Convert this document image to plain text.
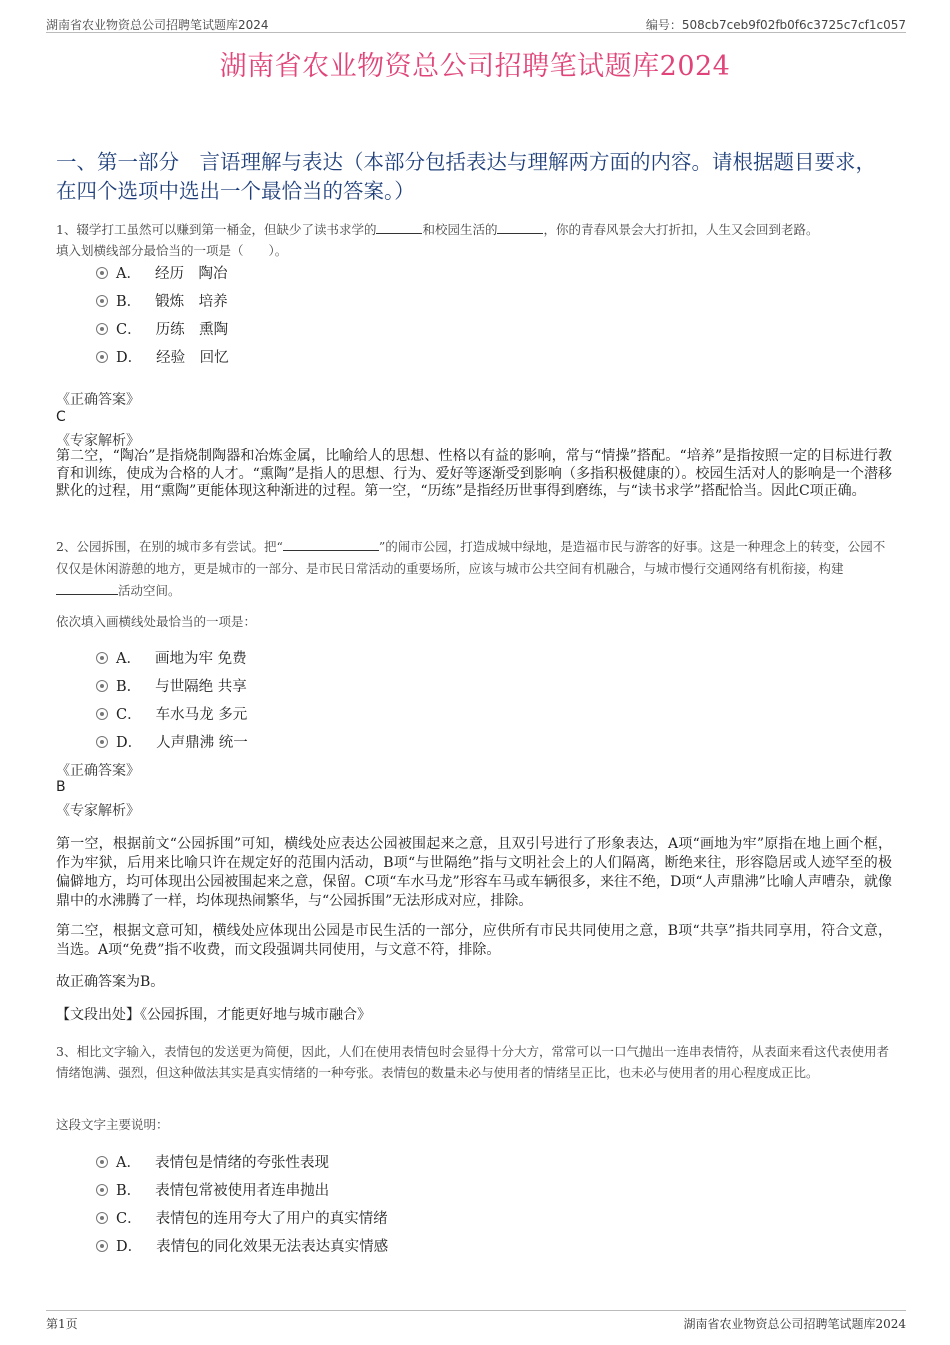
湖南省农业物资总公司招聘笔试题库2024	编号：508cb7ceb9f02fb0f6c3725c7cf1c057
湖南省农业物资总公司招聘笔试题库2024
一、第一部分　言语理解与表达（本部分包括表达与理解两方面的内容。请根据题目要求，在四个选项中选出一个最恰当的答案。）
1、辍学打工虽然可以赚到第一桶金，但缺少了读书求学的	和校园生活的	，你的青春风景会大打折扣，人生又会回到老路。
填入划横线部分最恰当的一项是（　　）。
A． 经历　陶冶
B． 锻炼　培养
C． 历练　熏陶
D． 经验　回忆
《正确答案》
C
《专家解析》
第二空，“陶冶”是指烧制陶器和冶炼金属，比喻给人的思想、性格以有益的影响，常与“情操”搭配。“培养”是指按照一定的目标进行教育和训练，使成为合格的人才。“熏陶”是指人的思想、行为、爱好等逐渐受到影响（多指积极健康的）。校园生活对人的影响是一个潜移默化的过程，用“熏陶”更能体现这种渐进的过程。第一空，“历练”是指经历世事得到磨练，与“读书求学”搭配恰当。因此C项正确。
2、公园拆围，在别的城市多有尝试。把“	”的闹市公园，打造成城中绿地，是造福市民与游客的好事。这是一种理念上的转变，公园不仅仅是休闲游憩的地方，更是城市的一部分、是市民日常活动的重要场所，应该与城市公共空间有机融合，与城市慢行交通网络有机衔接，构建活动空间。
依次填入画横线处最恰当的一项是：
A． 画地为牢 免费
B． 与世隔绝 共享
C． 车水马龙 多元
D． 人声鼎沸 统一
《正确答案》
B
《专家解析》
第一空，根据前文“公园拆围”可知，横线处应表达公园被围起来之意，且双引号进行了形象表达，A项“画地为牢”原指在地上画个框，作为牢狱，后用来比喻只许在规定好的范围内活动，B项“与世隔绝”指与文明社会上的人们隔离，断绝来往，形容隐居或人迹罕至的极偏僻地方，均可体现出公园被围起来之意，保留。C项“车水马龙”形容车马或车辆很多，来往不绝，D项“人声鼎沸”比喻人声嘈杂，就像鼎中的水沸腾了一样，均体现热闹繁华，与“公园拆围”无法形成对应，排除。
第二空，根据文意可知，横线处应体现出公园是市民生活的一部分，应供所有市民共同使用之意，B项“共享”指共同享用，符合文意，当选。A项“免费”指不收费，而文段强调共同使用，与文意不符，排除。
故正确答案为B。
【文段出处】《公园拆围，才能更好地与城市融合》
3、相比文字输入，表情包的发送更为简便，因此，人们在使用表情包时会显得十分大方，常常可以一口气抛出一连串表情符，从表面来看这代表使用者情绪饱满、强烈，但这种做法其实是真实情绪的一种夸张。表情包的数量未必与使用者的情绪呈正比，也未必与使用者的用心程度成正比。
这段文字主要说明：
A． 表情包是情绪的夸张性表现
B． 表情包常被使用者连串抛出
C． 表情包的连用夸大了用户的真实情绪
D． 表情包的同化效果无法表达真实情感
第1页	湖南省农业物资总公司招聘笔试题库2024
